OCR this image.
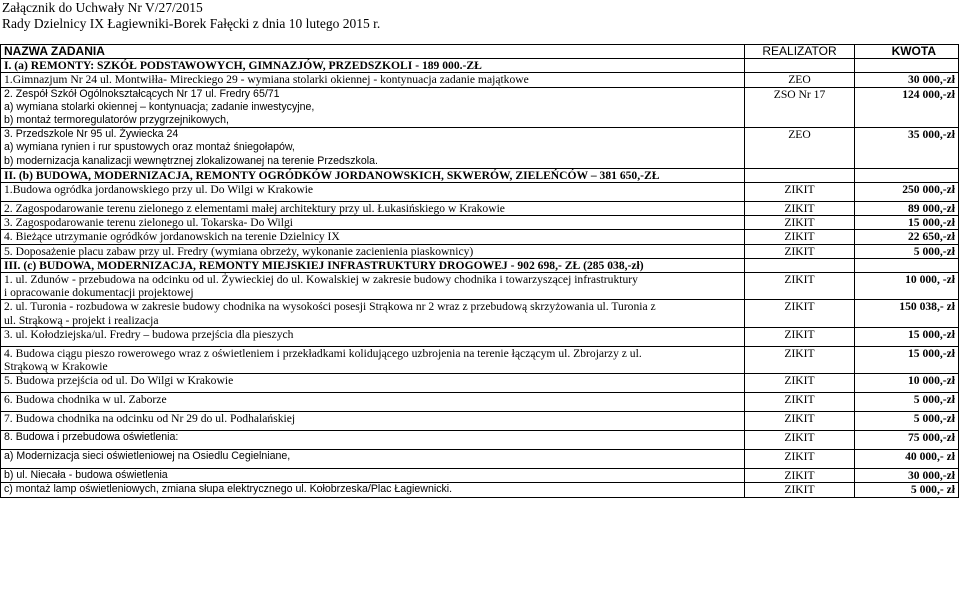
Załącznik do Uchwały Nr V/27/2015
Rady Dzielnicy IX Łagiewniki-Borek Fałęcki z dnia 10 lutego 2015 r.
NAZWA ZADANIA	REALIZATOR	KWOTA

I. (a) REMONTY: SZKÓŁ PODSTAWOWYCH, GIMNAZJÓW, PRZEDSZKOLI - 189 000.-ZŁ		

1.Gimnazjum Nr 24 ul. Montwiłła- Mireckiego 29 - wymiana stolarki okiennej - kontynuacja zadanie majątkowe	ZEO	30 000,-zł

2. Zespół Szkół Ogólnokształcących Nr 17 ul. Fredry 65/71
a) wymiana stolarki okiennej – kontynuacja; zadanie inwestycyjne,
b) montaż termoregulatorów przygrzejnikowych,	ZSO Nr 17	124 000,-zł

3. Przedszkole Nr 95 ul. Żywiecka 24
a) wymiana rynien i rur spustowych oraz montaż śniegołapów,
b) modernizacja kanalizacji wewnętrznej zlokalizowanej na terenie Przedszkola.	ZEO	35 000,-zł

II. (b) BUDOWA, MODERNIZACJA, REMONTY OGRÓDKÓW JORDANOWSKICH, SKWERÓW, ZIELEŃCÓW – 381 650,-ZŁ		

1.Budowa ogródka jordanowskiego przy ul. Do Wilgi w Krakowie	ZIKIT	250 000,-zł

2. Zagospodarowanie terenu zielonego z elementami małej architektury przy ul. Łukasińskiego w Krakowie	ZIKIT	89 000,-zł

3. Zagospodarowanie terenu zielonego ul. Tokarska- Do Wilgi	ZIKIT	15 000,-zł

4. Bieżące utrzymanie ogródków jordanowskich na terenie Dzielnicy IX	ZIKIT	22 650,-zł

5. Doposażenie placu zabaw przy ul. Fredry (wymiana obrzeży, wykonanie zacienienia piaskownicy)	ZIKIT	5 000,-zł

III. (c) BUDOWA, MODERNIZACJA, REMONTY MIEJSKIEJ INFRASTRUKTURY DROGOWEJ - 902 698,- ZŁ (285 038,-zł)		

1. ul. Zdunów - przebudowa na odcinku od ul. Żywieckiej do ul. Kowalskiej w zakresie budowy chodnika i towarzyszącej infrastruktury
i opracowanie dokumentacji projektowej	ZIKIT	10 000, -zł

2. ul. Turonia - rozbudowa w zakresie budowy chodnika na wysokości posesji Strąkowa nr 2 wraz z przebudową skrzyżowania ul. Turonia z
ul. Strąkową - projekt i realizacja	ZIKIT	150 038,- zł

3. ul. Kołodziejska/ul. Fredry – budowa przejścia dla pieszych	ZIKIT	15 000,-zł

4. Budowa ciągu pieszo rowerowego wraz z oświetleniem i przekładkami kolidującego uzbrojenia na terenie łączącym ul. Zbrojarzy z ul.
Strąkową w Krakowie	ZIKIT	15 000,-zł

5. Budowa przejścia od ul. Do Wilgi w Krakowie	ZIKIT	10 000,-zł

6. Budowa chodnika w ul. Zaborze	ZIKIT	5 000,-zł

7. Budowa chodnika na odcinku od Nr 29 do ul. Podhalańskiej	ZIKIT	5 000,-zł

8. Budowa i przebudowa oświetlenia:	ZIKIT	75 000,-zł

a) Modernizacja sieci oświetleniowej na Osiedlu Cegielniane,	ZIKIT	40 000,- zł

b) ul. Niecała - budowa oświetlenia	ZIKIT	30 000,-zł

c) montaż lamp oświetleniowych, zmiana słupa elektrycznego ul. Kołobrzeska/Plac Łagiewnicki.	ZIKIT	5 000,- zł
